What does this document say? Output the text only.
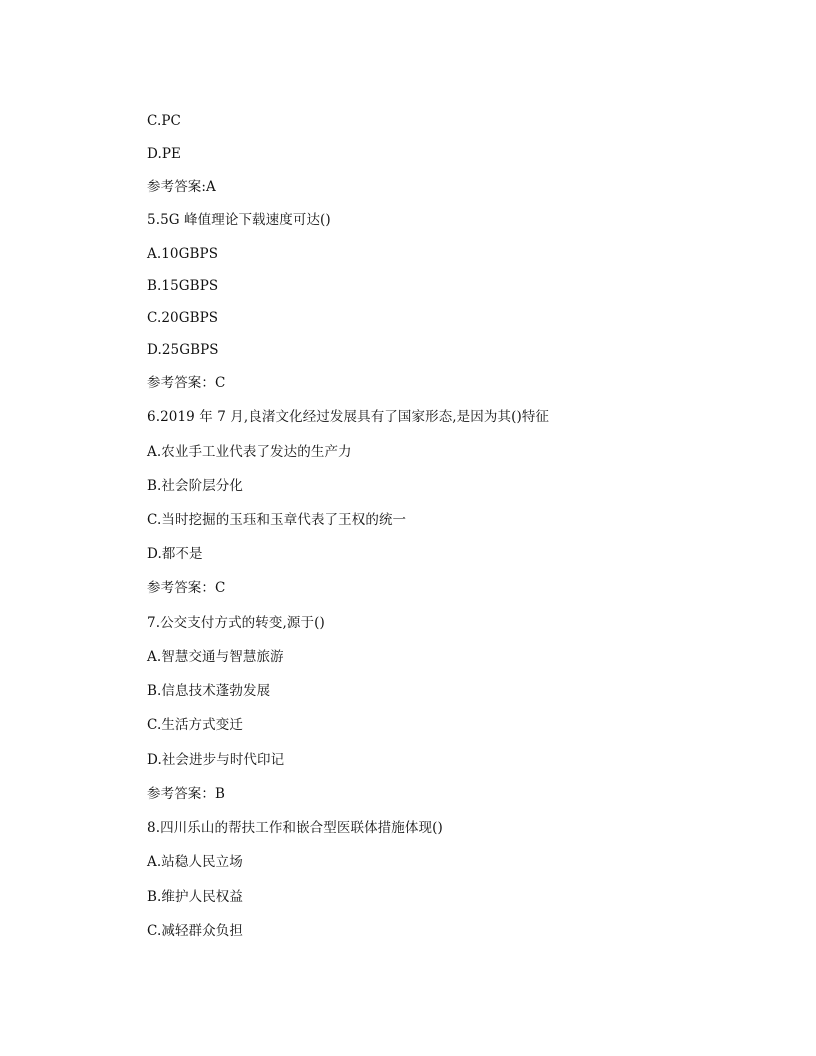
C.PC
D.PE
参考答案:A
5.5G 峰值理论下载速度可达()
A.10GBPS
B.15GBPS
C.20GBPS
D.25GBPS
参考答案：C
6.2019 年 7 月,良渚文化经过发展具有了国家形态,是因为其()特征
A.农业手工业代表了发达的生产力
B.社会阶层分化
C.当时挖掘的玉珏和玉章代表了王权的统一
D.都不是
参考答案：C
7.公交支付方式的转变,源于()
A.智慧交通与智慧旅游
B.信息技术蓬勃发展
C.生活方式变迁
D.社会进步与时代印记
参考答案：B
8.四川乐山的帮扶工作和嵌合型医联体措施体现()
A.站稳人民立场
B.维护人民权益
C.减轻群众负担
